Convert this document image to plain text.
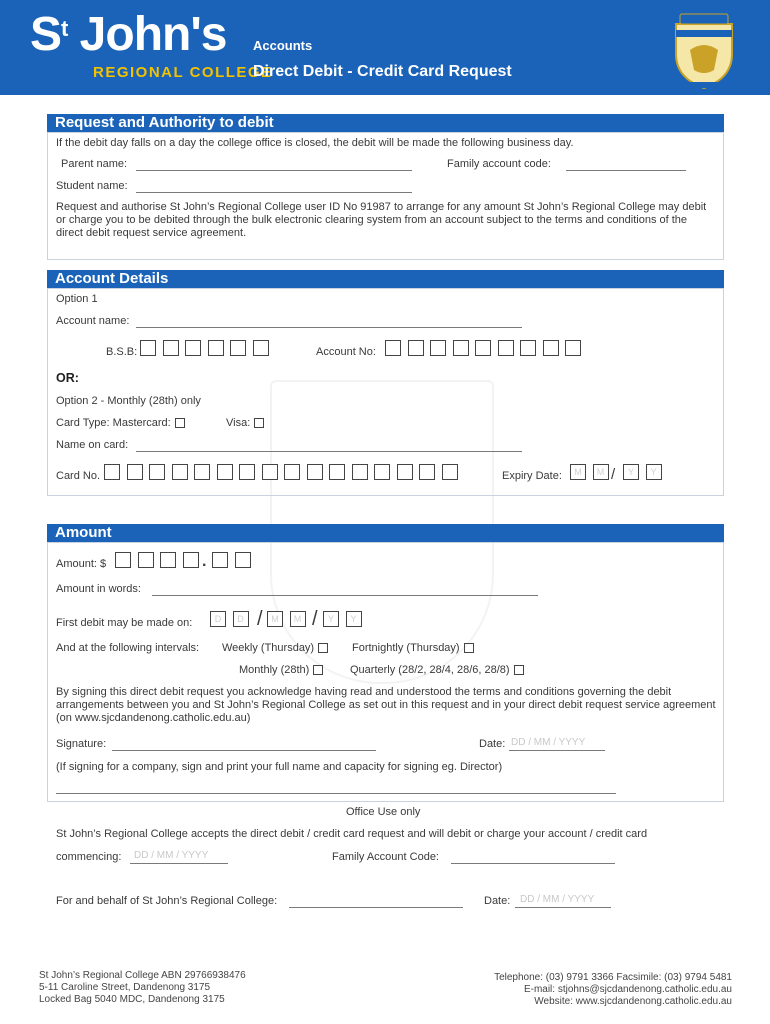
$S^t$ John's
REGIONAL COLLEGE
Accounts
Direct Debit - Credit Card Request
Request and Authority to debit
If the debit day falls on a day the college office is closed, the debit will be made the following business day.
Parent name:	Family account code:
Student name:
Request and authorise St John’s Regional College user ID No 91987 to arrange for any amount St John’s Regional College may debit or charge you to be debited through the bulk electronic clearing system from an account subject to the terms and conditions of the direct debit request service agreement.
Account Details
Option 1
Account name:
B.S.B:	Account No:
OR:
Option 2 - Monthly (28th) only
Card Type: Mastercard:	Visa:
Name on card:
Card No.	Expiry Date:	/
Amount
Amount: $	.
Amount in words:
First debit may be made on:	/ /
And at the following intervals: Weekly (Thursday)	Fortnightly (Thursday)
Monthly (28th)	Quarterly (28/2, 28/4, 28/6, 28/8)
By signing this direct debit request you acknowledge having read and understood the terms and conditions governing the debit arrangements between you and St John’s Regional College as set out in this request and in your direct debit request service agreement (on www.sjcdandenong.catholic.edu.au)
Signature:	Date: DD / MM / YYYY
(If signing for a company, sign and print your full name and capacity for signing eg. Director)
Office Use only
St John’s Regional College accepts the direct debit / credit card request and will debit or charge your account / credit card
commencing: DD / MM / YYYY	Family Account Code:
For and behalf of St John’s Regional College:	Date: DD / MM / YYYY
St John’s Regional College ABN 29766938476
5-11 Caroline Street, Dandenong 3175
Locked Bag 5040 MDC, Dandenong 3175
Telephone: (03) 9791 3366 Facsimile: (03) 9794 5481
E-mail: stjohns@sjcdandenong.catholic.edu.au
Website: www.sjcdandenong.catholic.edu.au
M	M	Y	Y
D	D	M	M	Y	Y
